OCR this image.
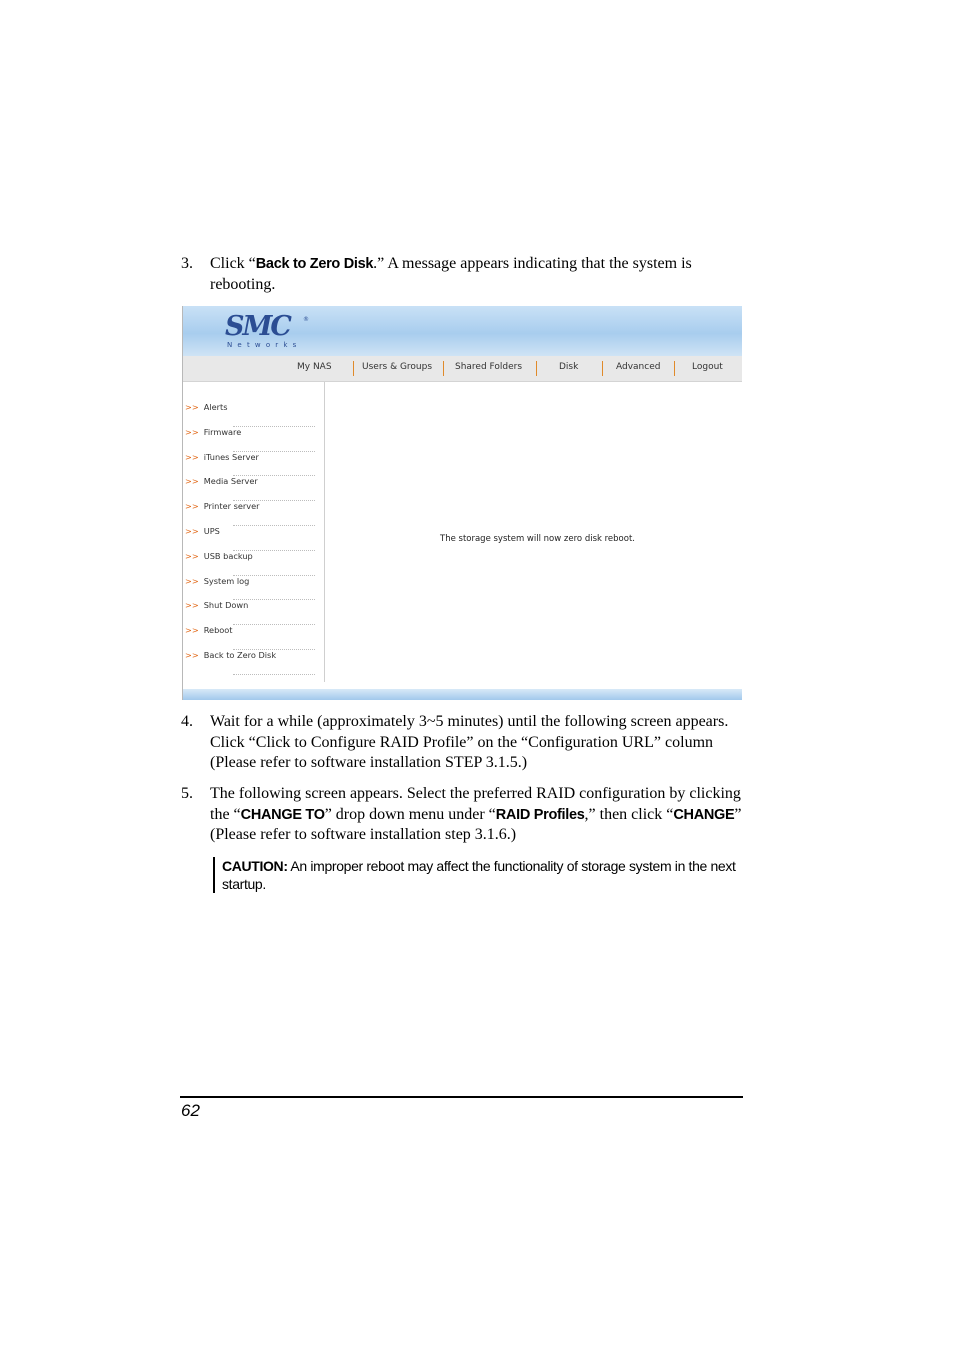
3. Click “Back to Zero Disk.” A message appears indicating that the system is rebooting.
SMC ®
Networks
My NAS	Users & Groups	Shared Folders	Disk	Advanced	Logout
>> Alerts
>> Firmware
>> iTunes Server
>> Media Server
>> Printer server
>> UPS
>> USB backup
>> System log
>> Shut Down
>> Reboot
>> Back to Zero Disk
The storage system will now zero disk reboot.
4. Wait for a while (approximately 3~5 minutes) until the following screen appears. Click “Click to Configure RAID Profile” on the “Configuration URL” column (Please refer to software installation STEP 3.1.5.)
5. The following screen appears. Select the preferred RAID configuration by clicking the “CHANGE TO” drop down menu under “RAID Profiles,” then click “CHANGE” (Please refer to software installation step 3.1.6.)
CAUTION: An improper reboot may affect the functionality of storage system in the next startup.
62
